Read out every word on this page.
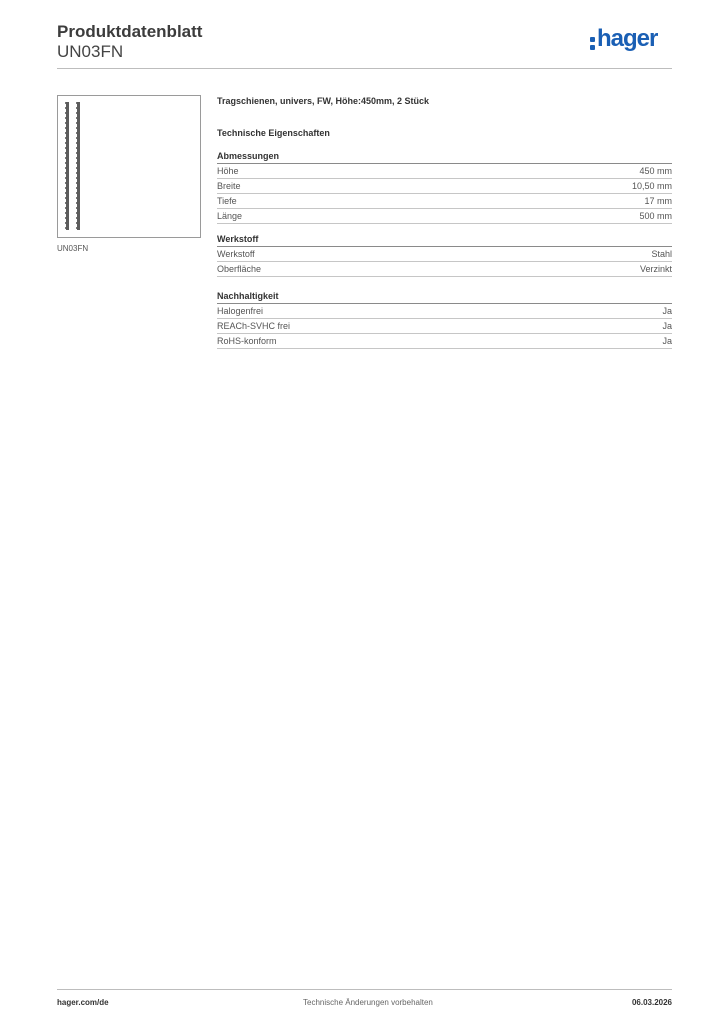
Produktdatenblatt
UN03FN	hager
UN03FN
Tragschienen, univers, FW, Höhe:450mm, 2 Stück
Technische Eigenschaften
Abmessungen
Höhe	450 mm
Breite	10,50 mm
Tiefe	17 mm
Länge	500 mm
Werkstoff
Werkstoff	Stahl
Oberfläche	Verzinkt
Nachhaltigkeit
Halogenfrei	Ja
REACh-SVHC frei	Ja
RoHS-konform	Ja
hager.com/de	Technische Änderungen vorbehalten	06.03.2026
